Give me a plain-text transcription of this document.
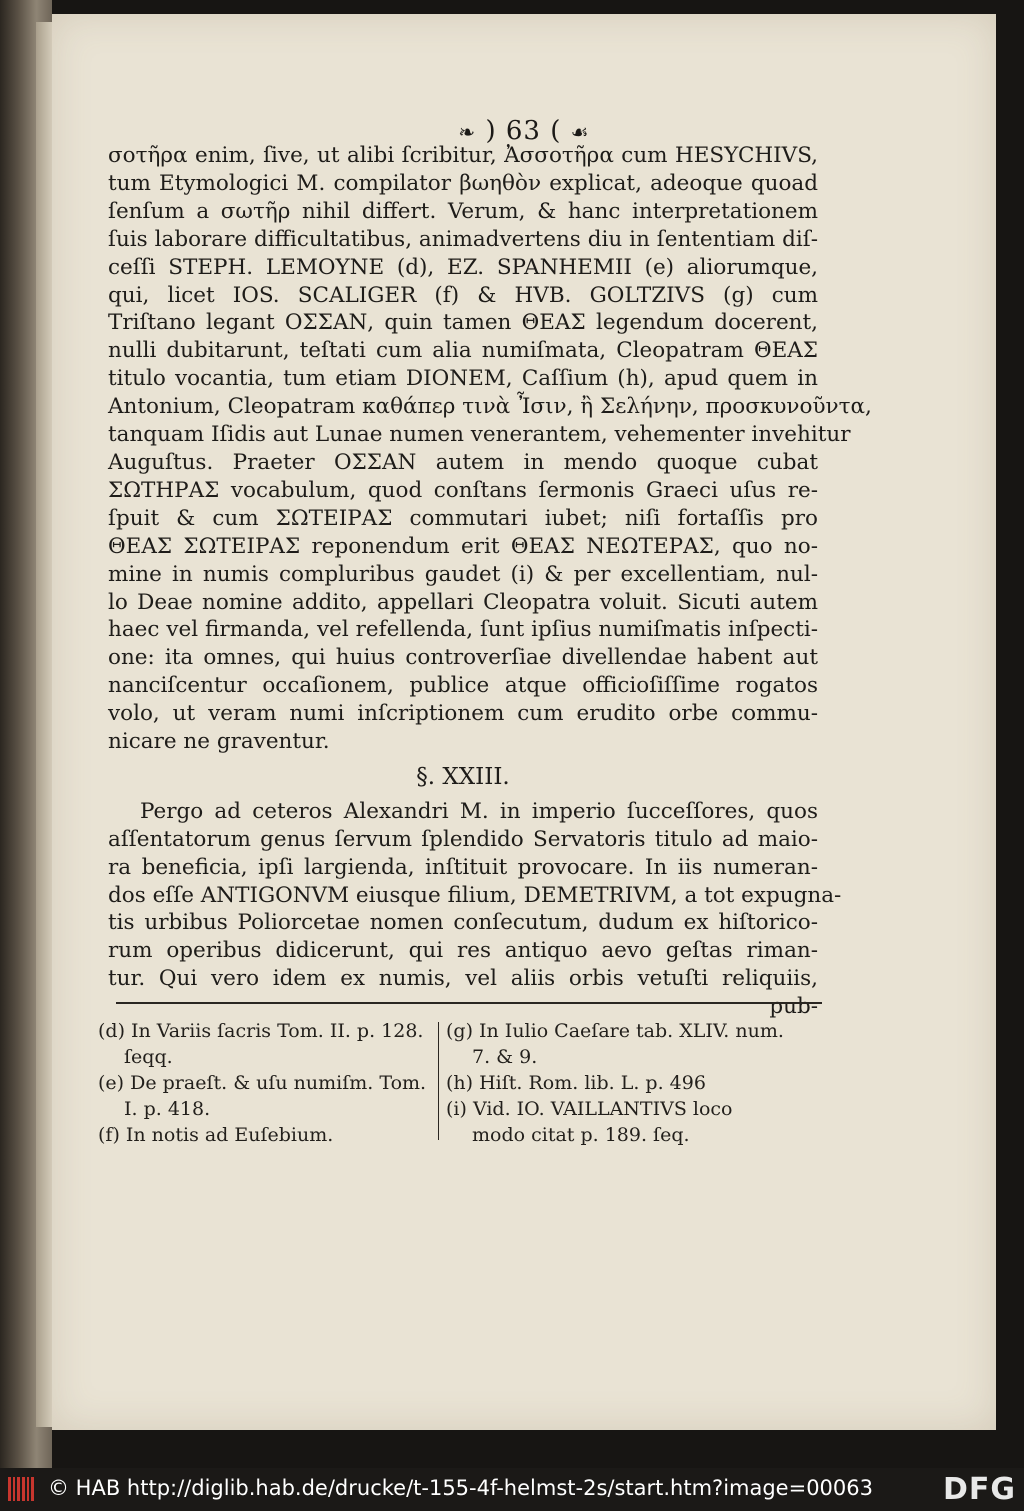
❧ ) 63 ( ☙
σοτῆρα enim, ſive, ut alibi ſcribitur, Ἀσσοτῆρα cum HESYCHIVS,
tum Etymologici M. compilator βωηθὸν explicat, adeoque quoad
ſenſum a σωτῆρ nihil differt. Verum, & hanc interpretationem
ſuis laborare difficultatibus, animadvertens diu in ſententiam diſ-
ceſſi STEPH. LEMOYNE (d), EZ. SPANHEMII (e) aliorumque,
qui, licet IOS. SCALIGER (f) & HVB. GOLTZIVS (g) cum
Triſtano legant ΟΣΣΑΝ, quin tamen ΘΕΑΣ legendum docerent,
nulli dubitarunt, teſtati cum alia numiſmata, Cleopatram ΘΕΑΣ
titulo vocantia, tum etiam DIONEM, Caſſium (h), apud quem in
Antonium, Cleopatram καθάπερ τινὰ Ἶσιν, ἢ Σελήνην, προσκυνοῦντα,
tanquam Iſidis aut Lunae numen venerantem, vehementer invehitur
Auguſtus. Praeter ΟΣΣΑΝ autem in mendo quoque cubat
ΣΩΤΗΡΑΣ vocabulum, quod conſtans ſermonis Graeci uſus re-
ſpuit & cum ΣΩΤΕΙΡΑΣ commutari iubet; niſi fortaſſis pro
ΘΕΑΣ ΣΩΤΕΙΡΑΣ reponendum erit ΘΕΑΣ ΝΕΩΤΕΡΑΣ, quo no-
mine in numis compluribus gaudet (i) & per excellentiam, nul-
lo Deae nomine addito, appellari Cleopatra voluit. Sicuti autem
haec vel firmanda, vel refellenda, ſunt ipſius numiſmatis inſpecti-
one: ita omnes, qui huius controverſiae divellendae habent aut
nanciſcentur occaſionem, publice atque officioſiſſime rogatos
volo, ut veram numi inſcriptionem cum erudito orbe commu-
nicare ne graventur.
§. XXIII.
Pergo ad ceteros Alexandri M. in imperio ſucceſſores, quos
aſſentatorum genus ſervum ſplendido Servatoris titulo ad maio-
ra beneficia, ipſi largienda, inſtituit provocare. In iis numeran-
dos eſſe ANTIGONVM eiusque filium, DEMETRIVM, a tot expugna-
tis urbibus Poliorcetae nomen conſecutum, dudum ex hiſtorico-
rum operibus didicerunt, qui res antiquo aevo geſtas riman-
tur. Qui vero idem ex numis, vel aliis orbis vetuſti reliquiis,
pub-
(d) In Variis ſacris Tom. II. p. 128.
ſeqq.
(e) De praeſt. & uſu numiſm. Tom.
I. p. 418.
(f) In notis ad Euſebium.
(g) In Iulio Caeſare tab. XLIV. num.
7. & 9.
(h) Hiſt. Rom. lib. L. p. 496
(i) Vid. IO. VAILLANTIVS loco
modo citat p. 189. ſeq.
© HAB http://diglib.hab.de/drucke/t-155-4f-helmst-2s/start.htm?image=00063 DFG
